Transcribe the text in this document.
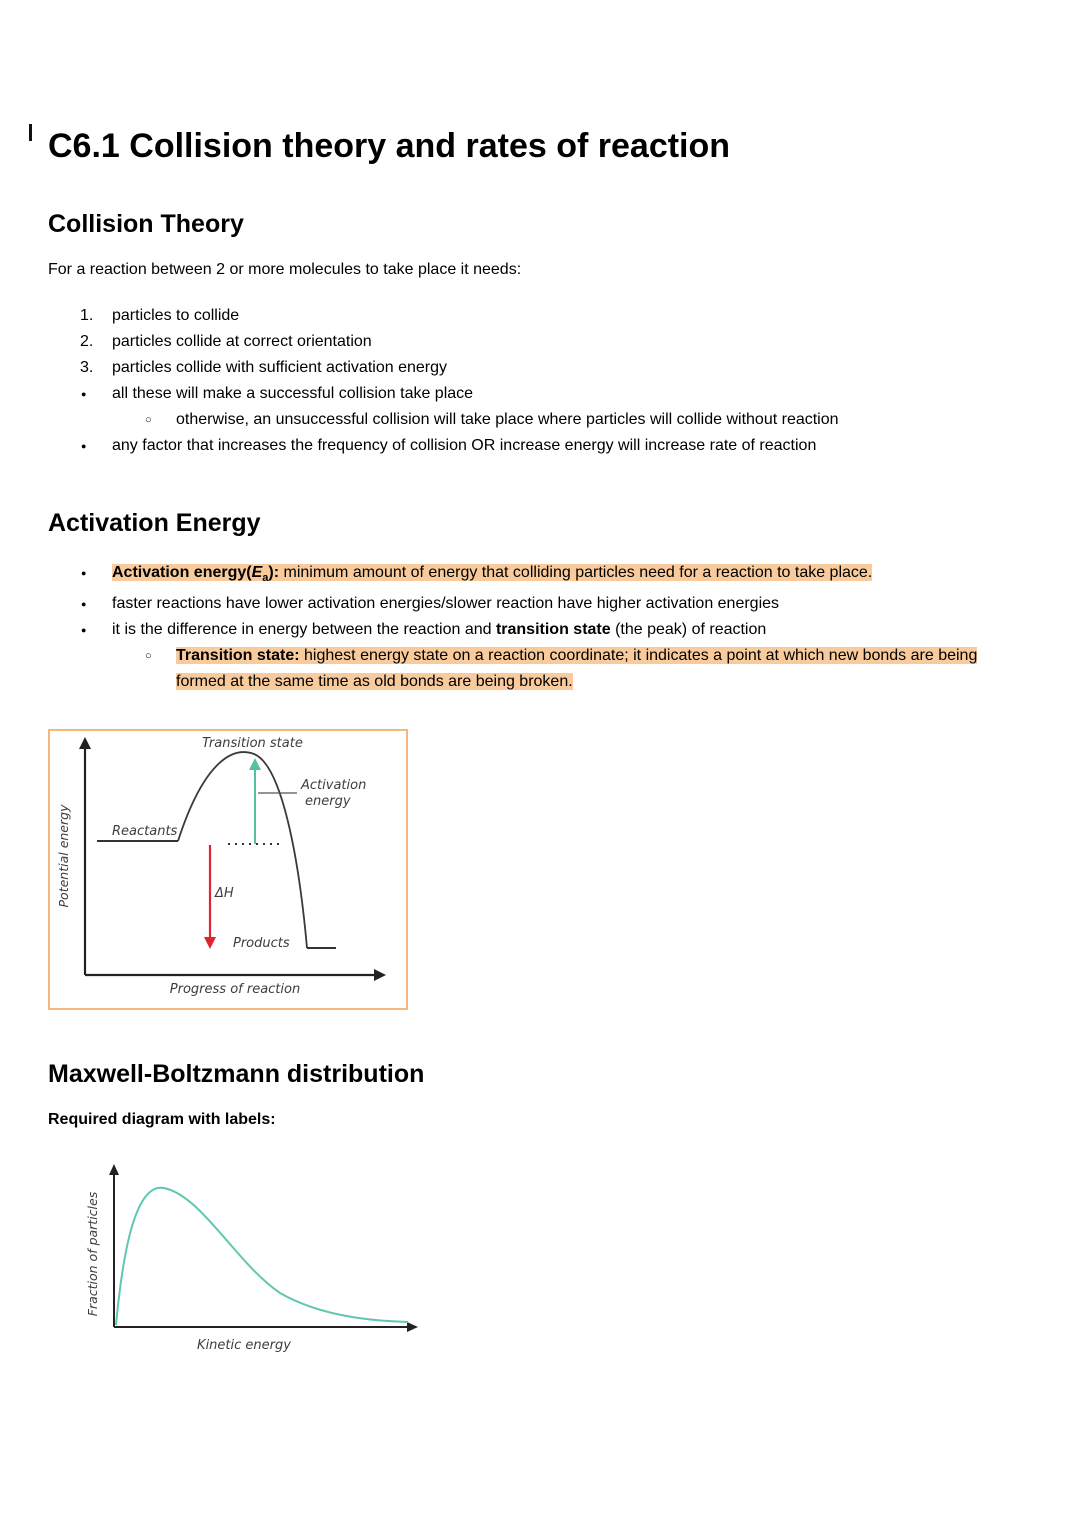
C6.1 Collision theory and rates of reaction
Collision Theory

For a reaction between 2 or more molecules to take place it needs:

particles to collide
particles collide at correct orientation
particles collide with sufficient activation energy
● all these will make a successful collision take place
○ otherwise, an unsuccessful collision will take place where particles will collide without reaction
● any factor that increases the frequency of collision OR increase energy will increase rate of reaction
Activation Energy
● Activation $energy(E_a)$: minimum amount of energy that colliding particles need for a reaction to take place.
● faster reactions have lower activation energies/slower reaction have higher activation energies
● it is the difference in energy between the reaction and transition state (the peak) of reaction
○ Transition state: highest energy state on a reaction coordinate; it indicates a point at which new bonds are being formed at the same time as old bonds are being broken.
Transition state
Activation
energy
Reactants
ΔH
Products
Progress of reaction
Potential energy
Maxwell-Boltzmann distribution

Required diagram with labels:

Fraction of particles
Kinetic energy
